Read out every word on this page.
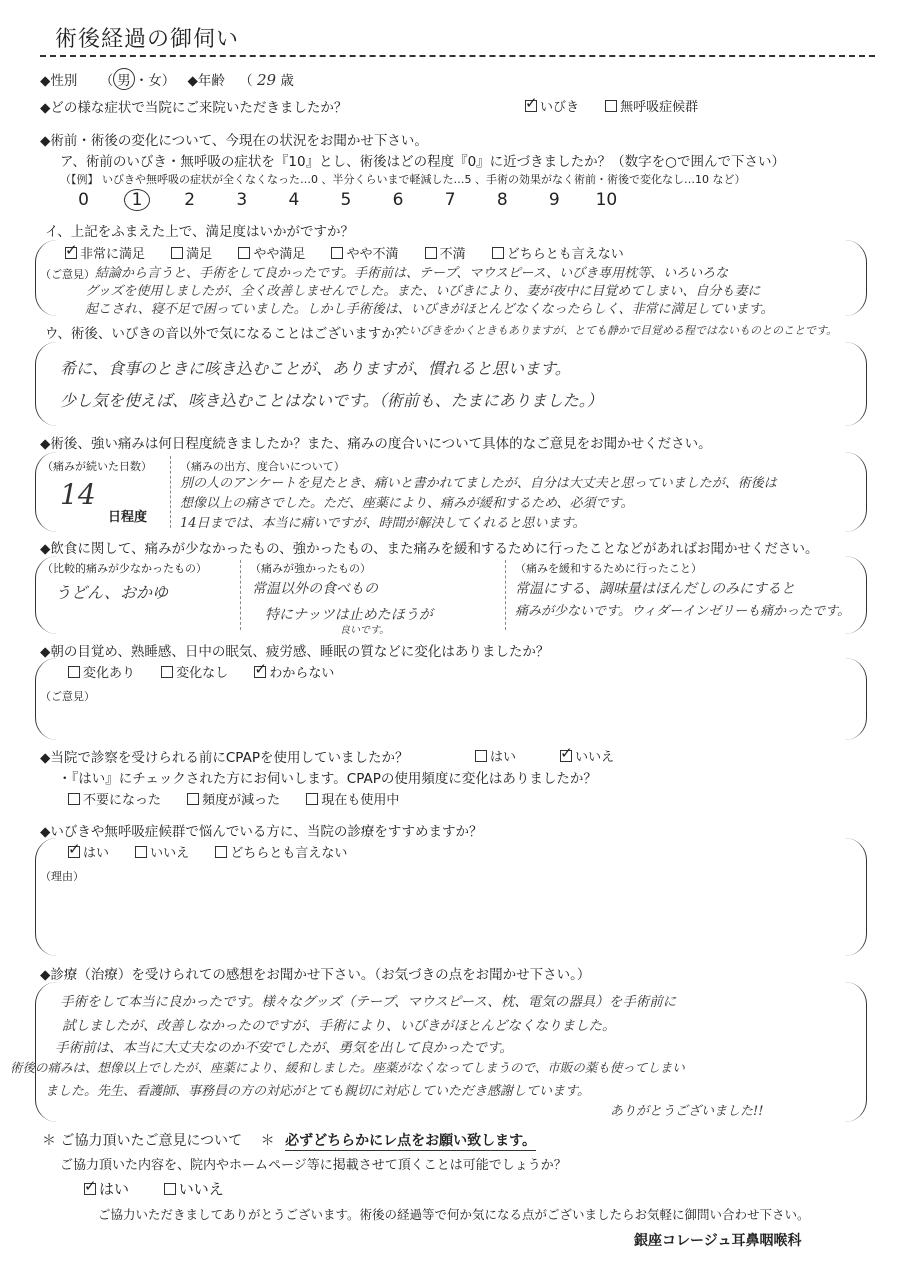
術後経過の御伺い
◆性別 （ 男 ・女） ◆年齢 （ 29 歳
◆どの様な症状で当院にご来院いただきましたか？ ✓	いびき	無呼吸症候群
◆術前・術後の変化について、今現在の状況をお聞かせ下さい。
ア、術前のいびき・無呼吸の症状を『10』とし、術後はどの程度『0』に近づきましたか？（数字を○で囲んで下さい）
（【例】 いびきや無呼吸の症状が全くなくなった…0 、半分くらいまで軽減した…5 、手術の効果がなく術前・術後で変化なし…10 など）
0	1 2 3 4 5 6 7 8 9 10
イ、上記をふまえた上で、満足度はいかがですか？
✓非常に満足	満足	やや満足	やや不満	不満	どちらとも言えない
（ご意見） 結論から言うと、手術をして良かったです。手術前は、テープ、マウスピース、いびき専用枕等、いろいろな
グッズを使用しましたが、全く改善しませんでした。また、いびきにより、妻が夜中に目覚めてしまい、自分も妻に
起こされ、寝不足で困っていました。しかし手術後は、いびきがほとんどなくなったらしく、非常に満足しています。
ウ、術後、いびきの音以外で気になることはございますか？
たいびきをかくときもありますが、とても静かで目覚める程ではないものとのことです。
希に、食事のときに咳き込むことが、ありますが、慣れると思います。
少し気を使えば、咳き込むことはないです。（術前も、たまにありました。）
◆術後、強い痛みは何日程度続きましたか？また、痛みの度合いについて具体的なご意見をお聞かせください。
（痛みが続いた日数）
14
日程度
（痛みの出方、度合いについて）
別の人のアンケートを見たとき、痛いと書かれてましたが、自分は大丈夫と思っていましたが、術後は
想像以上の痛さでした。ただ、座薬により、痛みが緩和するため、必須です。
14日までは、本当に痛いですが、時間が解決してくれると思います。
◆飲食に関して、痛みが少なかったもの、強かったもの、また痛みを緩和するために行ったことなどがあればお聞かせください。
（比較的痛みが少なかったもの）
うどん、おかゆ
（痛みが強かったもの）
常温以外の食べもの
特にナッツは止めたほうが
良いです。
（痛みを緩和するために行ったこと）
常温にする、調味量はほんだしのみにすると
痛みが少ないです。ウィダーインゼリーも痛かったです。
◆朝の目覚め、熟睡感、日中の眠気、疲労感、睡眠の質などに変化はありましたか？
変化あり	変化なし ✓	わからない
（ご意見）
◆当院で診察を受けられる前にCPAPを使用していましたか？	はい ✓	いいえ
・『はい』にチェックされた方にお伺いします。CPAPの使用頻度に変化はありましたか？
不要になった	頻度が減った	現在も使用中
◆いびきや無呼吸症候群で悩んでいる方に、当院の診療をすすめますか？
✓はい	いいえ	どちらとも言えない
（理由）
◆診療（治療）を受けられての感想をお聞かせ下さい。（お気づきの点をお聞かせ下さい。）
手術をして本当に良かったです。様々なグッズ（テープ、マウスピース、枕、電気の器具）を手術前に
試しましたが、改善しなかったのですが、手術により、いびきがほとんどなくなりました。
手術前は、本当に大丈夫なのか不安でしたが、勇気を出して良かったです。
術後の痛みは、想像以上でしたが、座薬により、緩和しました。座薬がなくなってしまうので、市販の薬も使ってしまい
ました。先生、看護師、事務員の方の対応がとても親切に対応していただき感謝しています。
ありがとうございました!!
＊ ご協力頂いたご意見について ＊ 必ずどちらかにレ点をお願い致します。
ご協力頂いた内容を、院内やホームページ等に掲載させて頂くことは可能でしょうか？
✓はい	いいえ
ご協力いただきましてありがとうございます。術後の経過等で何か気になる点がございましたらお気軽に御問い合わせ下さい。
銀座コレージュ耳鼻咽喉科
